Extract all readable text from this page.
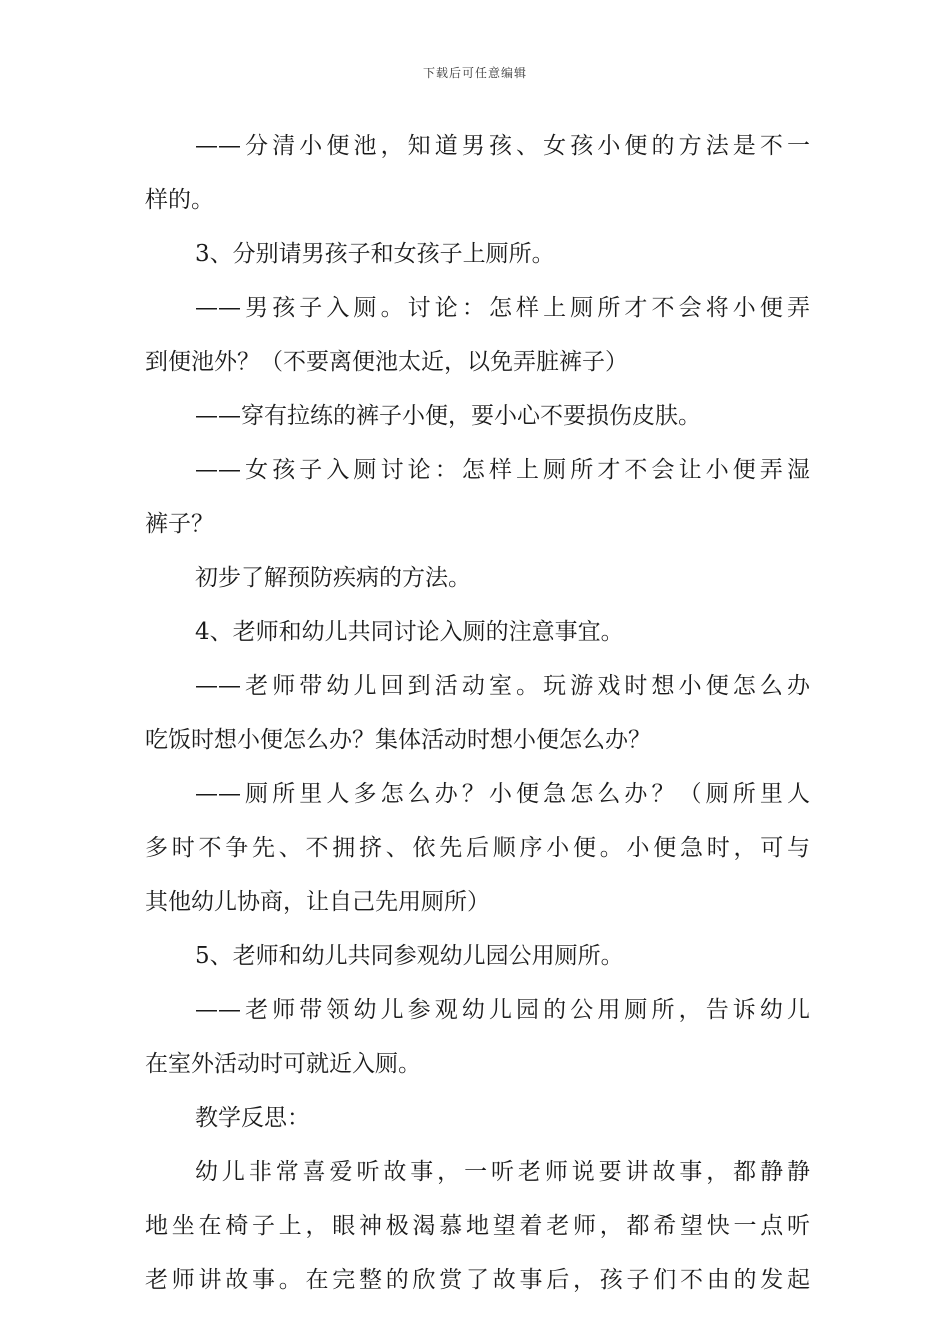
下载后可任意编辑
——分清小便池，知道男孩、女孩小便的方法是不一
样的。
3、分别请男孩子和女孩子上厕所。
——男孩子入厕。讨论：怎样上厕所才不会将小便弄
到便池外？（不要离便池太近，以免弄脏裤子）
——穿有拉练的裤子小便，要小心不要损伤皮肤。
——女孩子入厕讨论：怎样上厕所才不会让小便弄湿
裤子？
初步了解预防疾病的方法。
4、老师和幼儿共同讨论入厕的注意事宜。
——老师带幼儿回到活动室。玩游戏时想小便怎么办
吃饭时想小便怎么办？集体活动时想小便怎么办？
——厕所里人多怎么办？小便急怎么办？（厕所里人
多时不争先、不拥挤、依先后顺序小便。小便急时，可与
其他幼儿协商，让自己先用厕所）
5、老师和幼儿共同参观幼儿园公用厕所。
——老师带领幼儿参观幼儿园的公用厕所，告诉幼儿
在室外活动时可就近入厕。
教学反思：
幼儿非常喜爱听故事，一听老师说要讲故事，都静静
地坐在椅子上，眼神极渴慕地望着老师，都希望快一点听
老师讲故事。在完整的欣赏了故事后，孩子们不由的发起
